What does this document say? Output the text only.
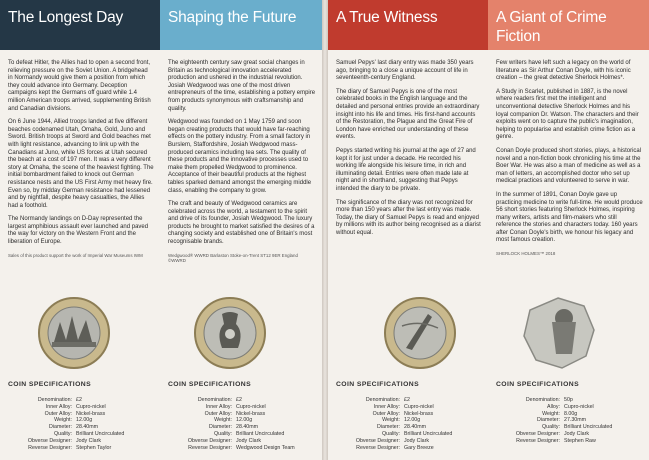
The Longest Day

To defeat Hitler, the Allies had to open a second front, relieving pressure on the Soviet Union. A bridgehead in Normandy would give them a position from which they could advance into Germany. Deception campaigns kept the Germans off guard while 1.4 million American troops arrived, supplementing British and Canadian divisions.

On 6 June 1944, Allied troops landed at five different beaches codenamed Utah, Omaha, Gold, Juno and Sword. British troops at Sword and Gold beaches met with light resistance, advancing to link up with the Canadians at Juno, while US forces at Utah secured the beach at a cost of 197 men. It was a very different story at Omaha, the scene of the heaviest fighting. The initial bombardment failed to knock out German resistance nests and the US First Army met heavy fire. Even so, by midday German resistance had lessened and by nightfall, despite heavy casualties, the Allies had a foothold.

The Normandy landings on D-Day represented the largest amphibious assault ever launched and paved the way for victory on the Western Front and the liberation of Europe.

Sales of this product support the work of Imperial War Museums IWM

COIN SPECIFICATIONS
Denomination: £2
Inner Alloy: Cupro-nickel
Outer Alloy: Nickel-brass
Weight: 12.00g
Diameter: 28.40mm
Quality: Brilliant Uncirculated
Obverse Designer: Jody Clark
Reverse Designer: Stephen Taylor
Shaping the Future

The eighteenth century saw great social changes in Britain as technological innovation accelerated production and ushered in the industrial revolution. Josiah Wedgwood was one of the most driven entrepreneurs of the time, establishing a pottery empire from products synonymous with craftsmanship and quality.

Wedgwood was founded on 1 May 1759 and soon began creating products that would have far-reaching effects on the pottery industry. From a small factory in Burslem, Staffordshire, Josiah Wedgwood mass-produced ceramics including tea sets. The quality of these products and the innovative processes used to make them propelled Wedgwood to prominence. Acceptance of their beautiful products at the highest tables sparked demand amongst the emerging middle class, enabling the company to grow.

The craft and beauty of Wedgwood ceramics are celebrated across the world, a testament to the spirit and drive of its founder, Josiah Wedgwood. The luxury products he brought to market satisfied the desires of a changing society and established one of Britain's most recognisable brands.

Wedgwood® WWRD Barlaston Stoke-on-Trent ST12 9ER England ©WWRD

COIN SPECIFICATIONS
Denomination: £2
Inner Alloy: Cupro-nickel
Outer Alloy: Nickel-brass
Weight: 12.00g
Diameter: 28.40mm
Quality: Brilliant Uncirculated
Obverse Designer: Jody Clark
Reverse Designer: Wedgwood Design Team
A True Witness

Samuel Pepys' last diary entry was made 350 years ago, bringing to a close a unique account of life in seventeenth-century England.

The diary of Samuel Pepys is one of the most celebrated books in the English language and the detailed and personal entries provide an extraordinary insight into his life and times. His first-hand accounts of the Restoration, the Plague and the Great Fire of London have enriched our understanding of these events.

Pepys started writing his journal at the age of 27 and kept it for just under a decade. He recorded his working life alongside his leisure time, in rich and illuminating detail. Entries were often made late at night and in shorthand, suggesting that Pepys intended the diary to be private.

The significance of the diary was not recognized for more than 150 years after the last entry was made. Today, the diary of Samuel Pepys is read and enjoyed by millions with its author being recognised as a diarist without equal.

COIN SPECIFICATIONS
Denomination: £2
Inner Alloy: Cupro-nickel
Outer Alloy: Nickel-brass
Weight: 12.00g
Diameter: 28.40mm
Quality: Brilliant Uncirculated
Obverse Designer: Jody Clark
Reverse Designer: Gary Breeze
A Giant of Crime Fiction

Few writers have left such a legacy on the world of literature as Sir Arthur Conan Doyle, with his iconic creation – the great detective Sherlock Holmes*.

A Study in Scarlet, published in 1887, is the novel where readers first met the intelligent and unconventional detective Sherlock Holmes and his loyal companion Dr. Watson. The characters and their exploits went on to capture the public's imagination, helping to popularise and establish crime fiction as a genre.

Conan Doyle produced short stories, plays, a historical novel and a non-fiction book chronicling his time at the Boer War. He was also a man of medicine as well as a man of letters, an accomplished doctor who set up medical practices and volunteered to serve in war.

In the summer of 1891, Conan Doyle gave up practicing medicine to write full-time. He would produce 56 short stories featuring Sherlock Holmes, inspiring many writers, artists and film-makers who still reference the stories and characters today. 160 years after Conan Doyle's birth, we honour his legacy and most famous creation.

SHERLOCK HOLMES™ 2018

COIN SPECIFICATIONS
Denomination: 50p
Alloy: Cupro-nickel
Weight: 8.00g
Diameter: 27.30mm
Quality: Brilliant Uncirculated
Obverse Designer: Jody Clark
Reverse Designer: Stephen Raw
